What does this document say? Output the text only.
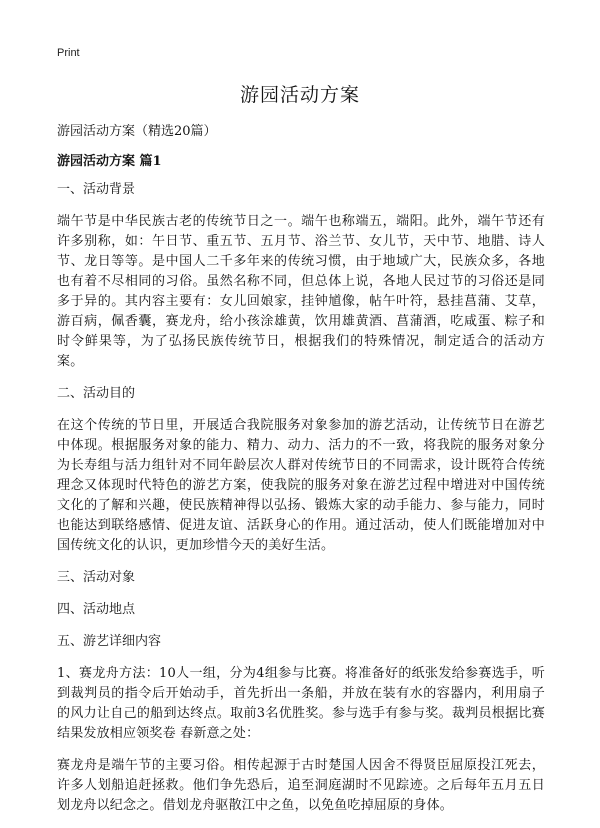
Print
游园活动方案

游园活动方案（精选20篇）

游园活动方案 篇1

一、活动背景

端午节是中华民族古老的传统节日之一。端午也称端五，端阳。此外，端午节还有许多别称，如：午日节、重五节、五月节、浴兰节、女儿节，天中节、地腊、诗人节、龙日等等。是中国人二千多年来的传统习惯，由于地域广大，民族众多，各地也有着不尽相同的习俗。虽然名称不同，但总体上说，各地人民过节的习俗还是同多于异的。其内容主要有：女儿回娘家，挂钟馗像，帖午叶符，悬挂菖蒲、艾草，游百病，佩香囊，赛龙舟，给小孩涂雄黄，饮用雄黄酒、菖蒲酒，吃咸蛋、粽子和时令鲜果等，为了弘扬民族传统节日，根据我们的特殊情况，制定适合的活动方案。

二、活动目的

在这个传统的节日里，开展适合我院服务对象参加的游艺活动，让传统节日在游艺中体现。根据服务对象的能力、精力、动力、活力的不一致，将我院的服务对象分为长寿组与活力组针对不同年龄层次人群对传统节日的不同需求，设计既符合传统理念又体现时代特色的游艺方案，使我院的服务对象在游艺过程中增进对中国传统文化的了解和兴趣，使民族精神得以弘扬、锻炼大家的动手能力、参与能力，同时也能达到联络感情、促进友谊、活跃身心的作用。通过活动，使人们既能增加对中国传统文化的认识，更加珍惜今天的美好生活。

三、活动对象

四、活动地点

五、游艺详细内容

1、赛龙舟方法：10人一组，分为4组参与比赛。将准备好的纸张发给参赛选手，听到裁判员的指令后开始动手，首先折出一条船，并放在装有水的容器内，利用扇子的风力让自己的船到达终点。取前3名优胜奖。参与选手有参与奖。裁判员根据比赛结果发放相应领奖卷 春新意之处：

赛龙舟是端午节的主要习俗。相传起源于古时楚国人因舍不得贤臣屈原投江死去，许多人划船追赶拯救。他们争先恐后，追至洞庭湖时不见踪迹。之后每年五月五日划龙舟以纪念之。借划龙舟驱散江中之鱼，以免鱼吃掉屈原的身体。
